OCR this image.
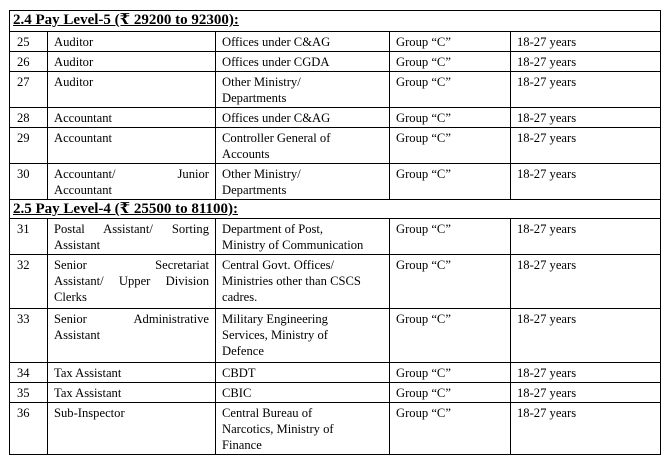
2.4 Pay Level-5 (₹ 29200 to 92300):				
25	Auditor	Offices under C&AG	Group “C”	18-27 years
26	Auditor	Offices under CGDA	Group “C”	18-27 years
27	Auditor	Other Ministry/
Departments	Group “C”	18-27 years
28	Accountant	Offices under C&AG	Group “C”	18-27 years
29	Accountant	Controller General of
Accounts	Group “C”	18-27 years
30	Accountant/ Junior
Accountant	Other Ministry/
Departments	Group “C”	18-27 years
2.5 Pay Level-4 (₹ 25500 to 81100):				
31	Postal Assistant/ Sorting
Assistant	Department of Post,
Ministry of Communication	Group “C”	18-27 years
32	Senior Secretariat
Assistant/ Upper Division
Clerks	Central Govt. Offices/
Ministries other than CSCS
cadres.	Group “C”	18-27 years
33	Senior Administrative
Assistant	Military Engineering
Services, Ministry of
Defence	Group “C”	18-27 years
34	Tax Assistant	CBDT	Group “C”	18-27 years
35	Tax Assistant	CBIC	Group “C”	18-27 years
36	Sub-Inspector	Central Bureau of
Narcotics, Ministry of
Finance	Group “C”	18-27 years
